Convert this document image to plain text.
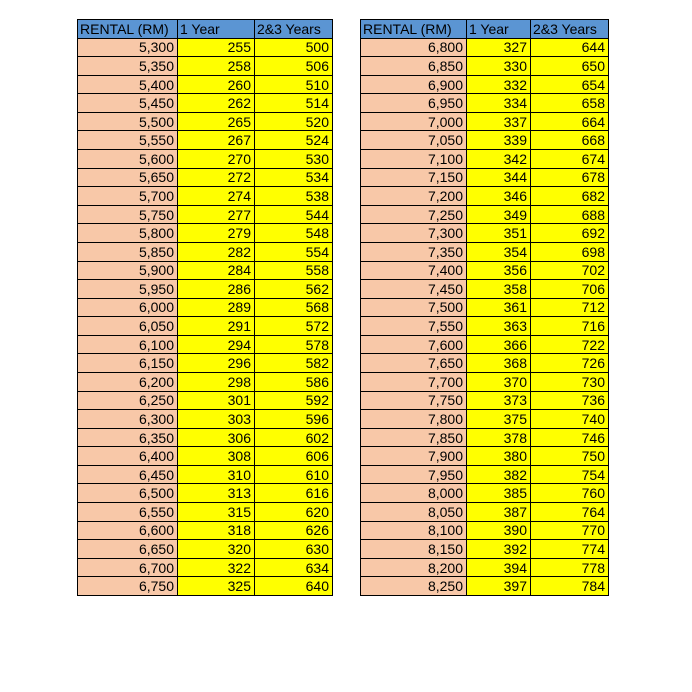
RENTAL (RM)	1 Year	2&3 Years
5,300	255	500
5,350	258	506
5,400	260	510
5,450	262	514
5,500	265	520
5,550	267	524
5,600	270	530
5,650	272	534
5,700	274	538
5,750	277	544
5,800	279	548
5,850	282	554
5,900	284	558
5,950	286	562
6,000	289	568
6,050	291	572
6,100	294	578
6,150	296	582
6,200	298	586
6,250	301	592
6,300	303	596
6,350	306	602
6,400	308	606
6,450	310	610
6,500	313	616
6,550	315	620
6,600	318	626
6,650	320	630
6,700	322	634
6,750	325	640
RENTAL (RM)	1 Year	2&3 Years
6,800	327	644
6,850	330	650
6,900	332	654
6,950	334	658
7,000	337	664
7,050	339	668
7,100	342	674
7,150	344	678
7,200	346	682
7,250	349	688
7,300	351	692
7,350	354	698
7,400	356	702
7,450	358	706
7,500	361	712
7,550	363	716
7,600	366	722
7,650	368	726
7,700	370	730
7,750	373	736
7,800	375	740
7,850	378	746
7,900	380	750
7,950	382	754
8,000	385	760
8,050	387	764
8,100	390	770
8,150	392	774
8,200	394	778
8,250	397	784
